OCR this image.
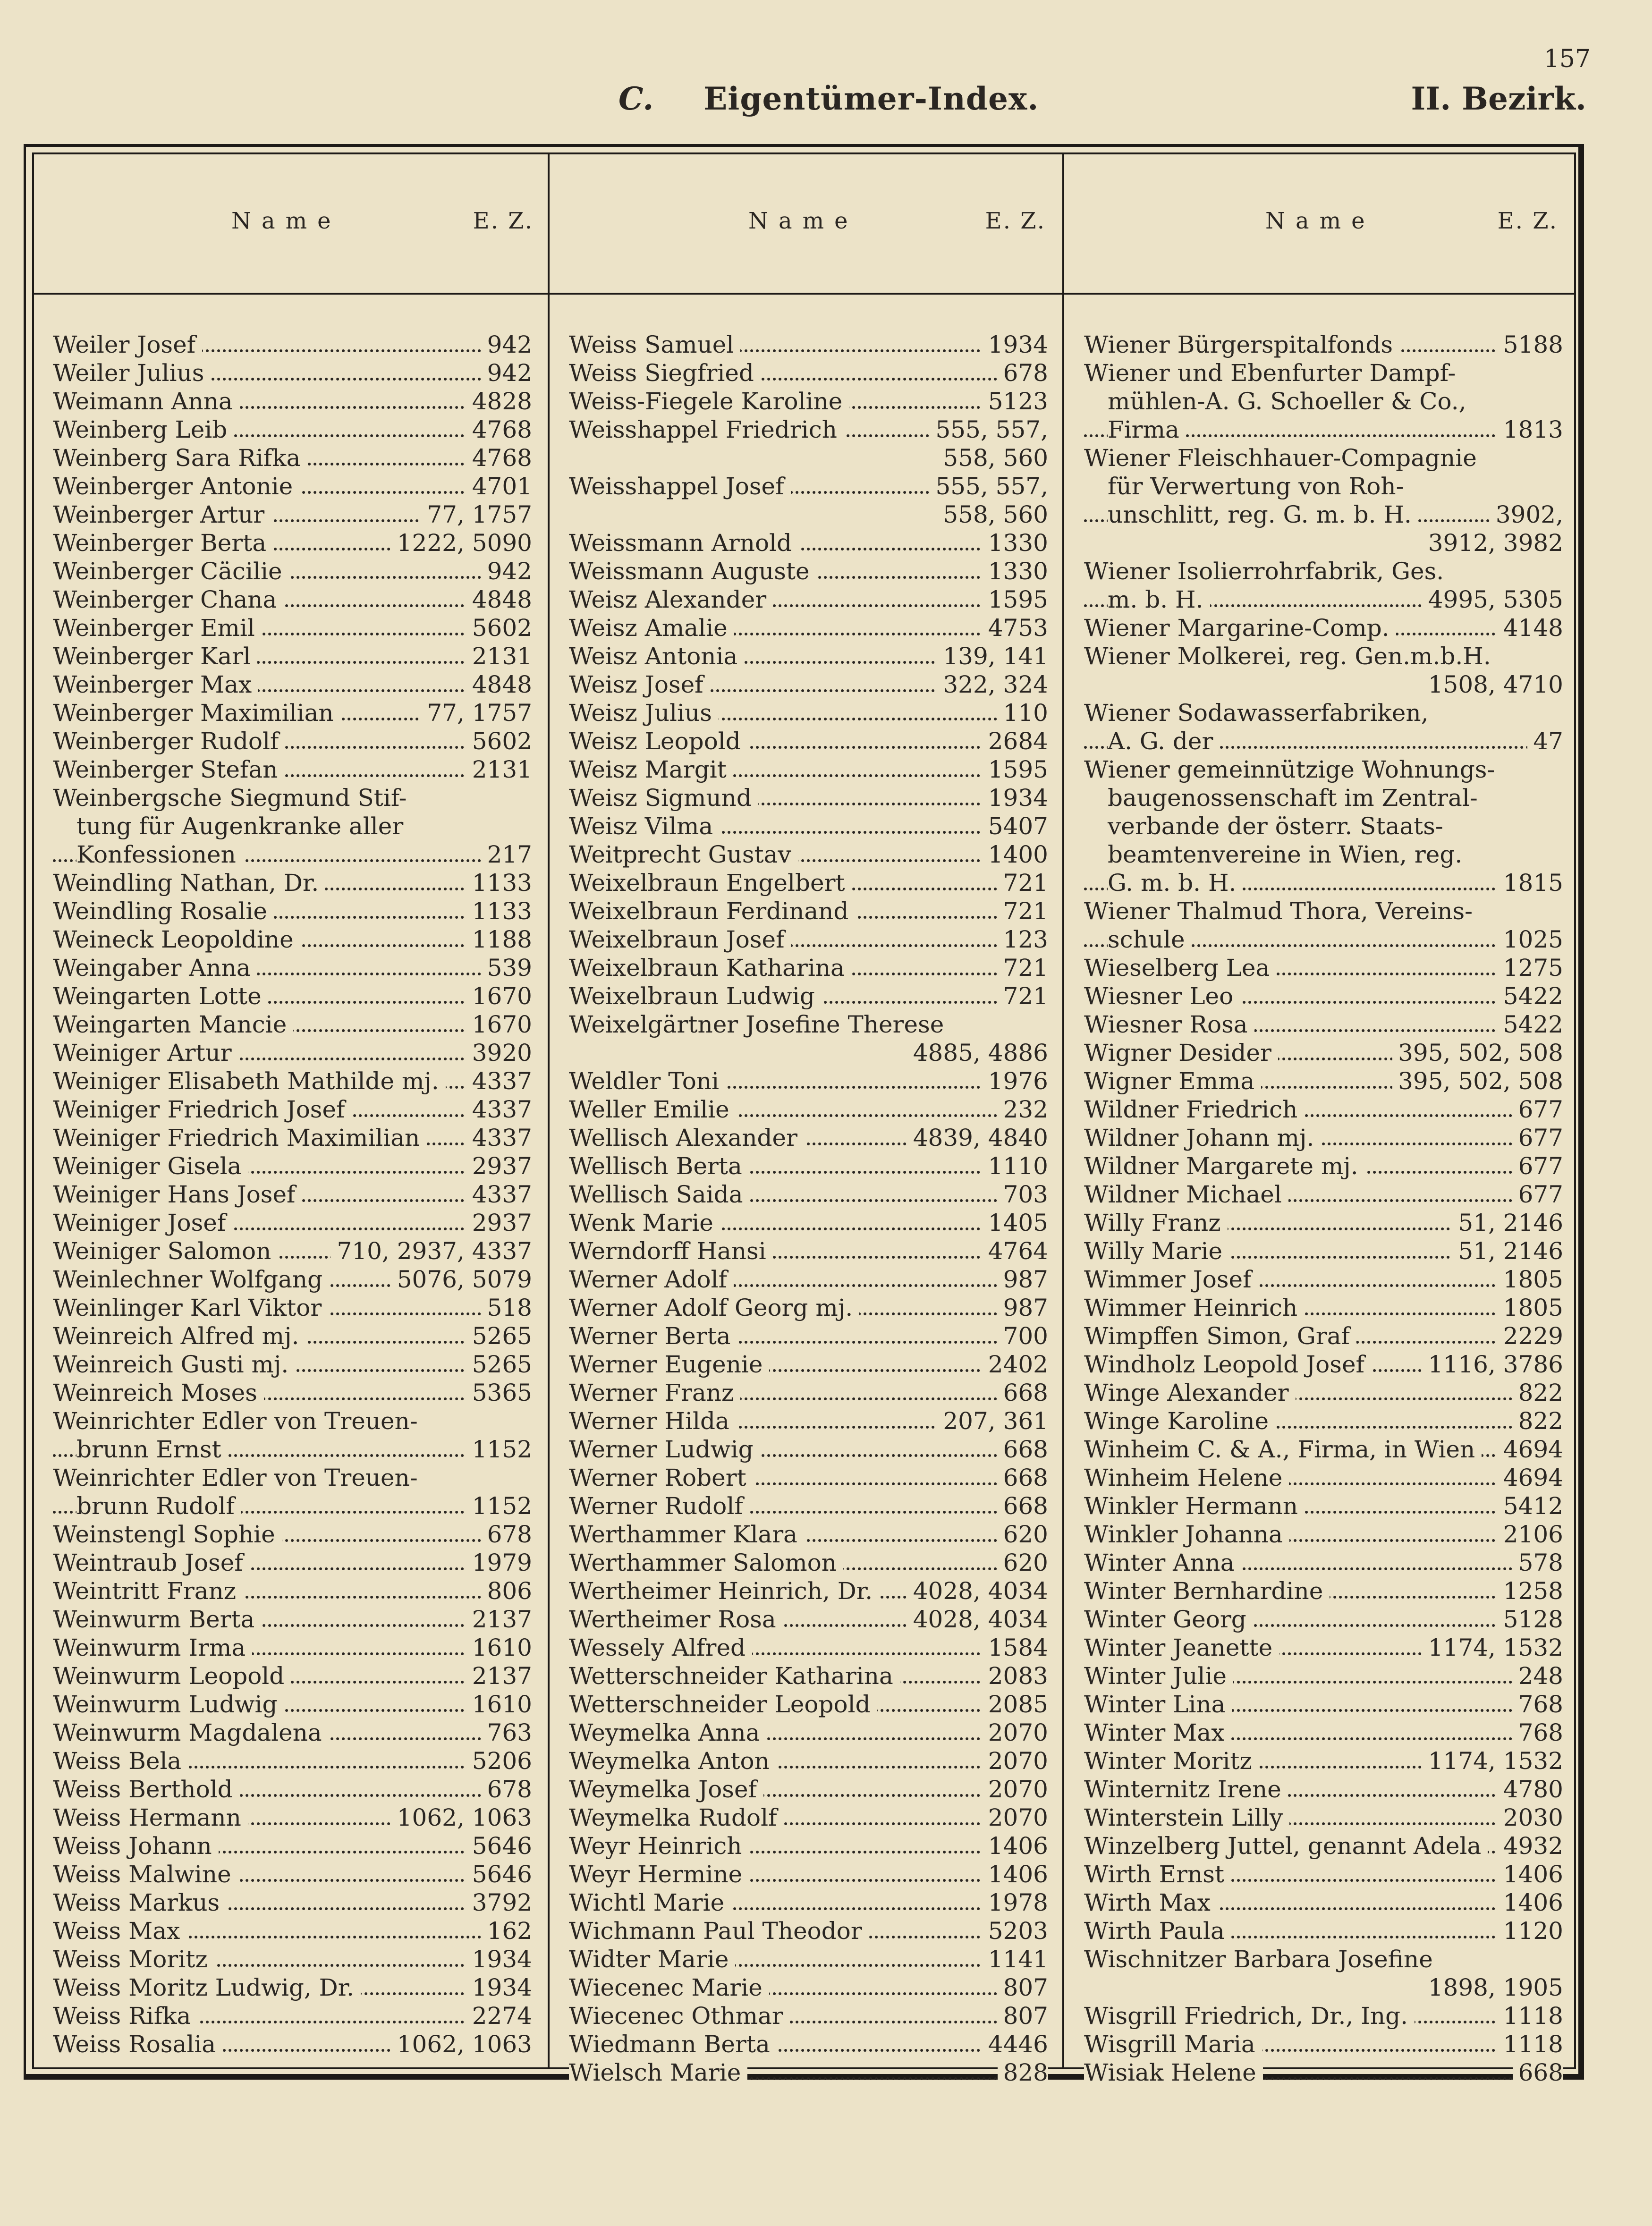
157
C. Eigentümer-Index.	II. Bezirk.
Name	E. Z.	Name	E. Z.	Name	E. Z.
Weiler Josef	942
Weiler Julius	942
Weimann Anna	4828
Weinberg Leib	4768
Weinberg Sara Rifka	4768
Weinberger Antonie	4701
Weinberger Artur	77, 1757
Weinberger Berta	1222, 5090
Weinberger Cäcilie	942
Weinberger Chana	4848
Weinberger Emil	5602
Weinberger Karl	2131
Weinberger Max	4848
Weinberger Maximilian	77, 1757
Weinberger Rudolf	5602
Weinberger Stefan	2131
Weinbergsche Siegmund Stif-
tung für Augenkranke aller
Konfessionen	217
Weindling Nathan, Dr.	1133
Weindling Rosalie	1133
Weineck Leopoldine	1188
Weingaber Anna	539
Weingarten Lotte	1670
Weingarten Mancie	1670
Weiniger Artur	3920
Weiniger Elisabeth Mathilde mj. 4337
Weiniger Friedrich Josef	4337
Weiniger Friedrich Maximilian 4337
Weiniger Gisela	2937
Weiniger Hans Josef	4337
Weiniger Josef	2937
Weiniger Salomon	710, 2937, 4337
Weinlechner Wolfgang	5076, 5079
Weinlinger Karl Viktor	518
Weinreich Alfred mj.	5265
Weinreich Gusti mj.	5265
Weinreich Moses	5365
Weinrichter Edler von Treuen-
brunn Ernst	1152
Weinrichter Edler von Treuen-
brunn Rudolf	1152
Weinstengl Sophie	678
Weintraub Josef	1979
Weintritt Franz	806
Weinwurm Berta	2137
Weinwurm Irma	1610
Weinwurm Leopold	2137
Weinwurm Ludwig	1610
Weinwurm Magdalena	763
Weiss Bela	5206
Weiss Berthold	678
Weiss Hermann	1062, 1063
Weiss Johann	5646
Weiss Malwine	5646
Weiss Markus	3792
Weiss Max	162
Weiss Moritz	1934
Weiss Moritz Ludwig, Dr.	1934
Weiss Rifka	2274
Weiss Rosalia	1062, 1063
Weiss Samuel	1934
Weiss Siegfried	678
Weiss-Fiegele Karoline	5123
Weisshappel Friedrich	555, 557,
558, 560
Weisshappel Josef	555, 557,
558, 560
Weissmann Arnold	1330
Weissmann Auguste	1330
Weisz Alexander	1595
Weisz Amalie	4753
Weisz Antonia	139, 141
Weisz Josef	322, 324
Weisz Julius	110
Weisz Leopold	2684
Weisz Margit	1595
Weisz Sigmund	1934
Weisz Vilma	5407
Weitprecht Gustav	1400
Weixelbraun Engelbert	721
Weixelbraun Ferdinand	721
Weixelbraun Josef	123
Weixelbraun Katharina	721
Weixelbraun Ludwig	721
Weixelgärtner Josefine Therese
4885, 4886
Weldler Toni	1976
Weller Emilie	232
Wellisch Alexander	4839, 4840
Wellisch Berta	1110
Wellisch Saida	703
Wenk Marie	1405
Werndorff Hansi	4764
Werner Adolf	987
Werner Adolf Georg mj.	987
Werner Berta	700
Werner Eugenie	2402
Werner Franz	668
Werner Hilda	207, 361
Werner Ludwig	668
Werner Robert	668
Werner Rudolf	668
Werthammer Klara	620
Werthammer Salomon	620
Wertheimer Heinrich, Dr. 4028, 4034
Wertheimer Rosa	4028, 4034
Wessely Alfred	1584
Wetterschneider Katharina	2083
Wetterschneider Leopold	2085
Weymelka Anna	2070
Weymelka Anton	2070
Weymelka Josef	2070
Weymelka Rudolf	2070
Weyr Heinrich	1406
Weyr Hermine	1406
Wichtl Marie	1978
Wichmann Paul Theodor	5203
Widter Marie	1141
Wiecenec Marie	807
Wiecenec Othmar	807
Wiedmann Berta	4446
Wielsch Marie	828
Wiener Bürgerspitalfonds	5188
Wiener und Ebenfurter Dampf-
mühlen-A. G. Schoeller & Co.,
Firma	1813
Wiener Fleischhauer-Compagnie
für Verwertung von Roh-
unschlitt, reg. G. m. b. H.	3902,
3912, 3982
Wiener Isolierrohrfabrik, Ges.
m. b. H.	4995, 5305
Wiener Margarine-Comp.	4148
Wiener Molkerei, reg. Gen.m.b.H.
1508, 4710
Wiener Sodawasserfabriken,
A. G. der	47
Wiener gemeinnützige Wohnungs-
baugenossenschaft im Zentral-
verbande der österr. Staats-
beamtenvereine in Wien, reg.
G. m. b. H.	1815
Wiener Thalmud Thora, Vereins-
schule	1025
Wieselberg Lea	1275
Wiesner Leo	5422
Wiesner Rosa	5422
Wigner Desider	395, 502, 508
Wigner Emma	395, 502, 508
Wildner Friedrich	677
Wildner Johann mj.	677
Wildner Margarete mj.	677
Wildner Michael	677
Willy Franz	51, 2146
Willy Marie	51, 2146
Wimmer Josef	1805
Wimmer Heinrich	1805
Wimpffen Simon, Graf	2229
Windholz Leopold Josef	1116, 3786
Winge Alexander	822
Winge Karoline	822
Winheim C. & A., Firma, in Wien 4694
Winheim Helene	4694
Winkler Hermann	5412
Winkler Johanna	2106
Winter Anna	578
Winter Bernhardine	1258
Winter Georg	5128
Winter Jeanette	1174, 1532
Winter Julie	248
Winter Lina	768
Winter Max	768
Winter Moritz	1174, 1532
Winternitz Irene	4780
Winterstein Lilly	2030
Winzelberg Juttel, genannt Adela 4932
Wirth Ernst	1406
Wirth Max	1406
Wirth Paula	1120
Wischnitzer Barbara Josefine
1898, 1905
Wisgrill Friedrich, Dr., Ing.	1118
Wisgrill Maria	1118
Wisiak Helene	668
